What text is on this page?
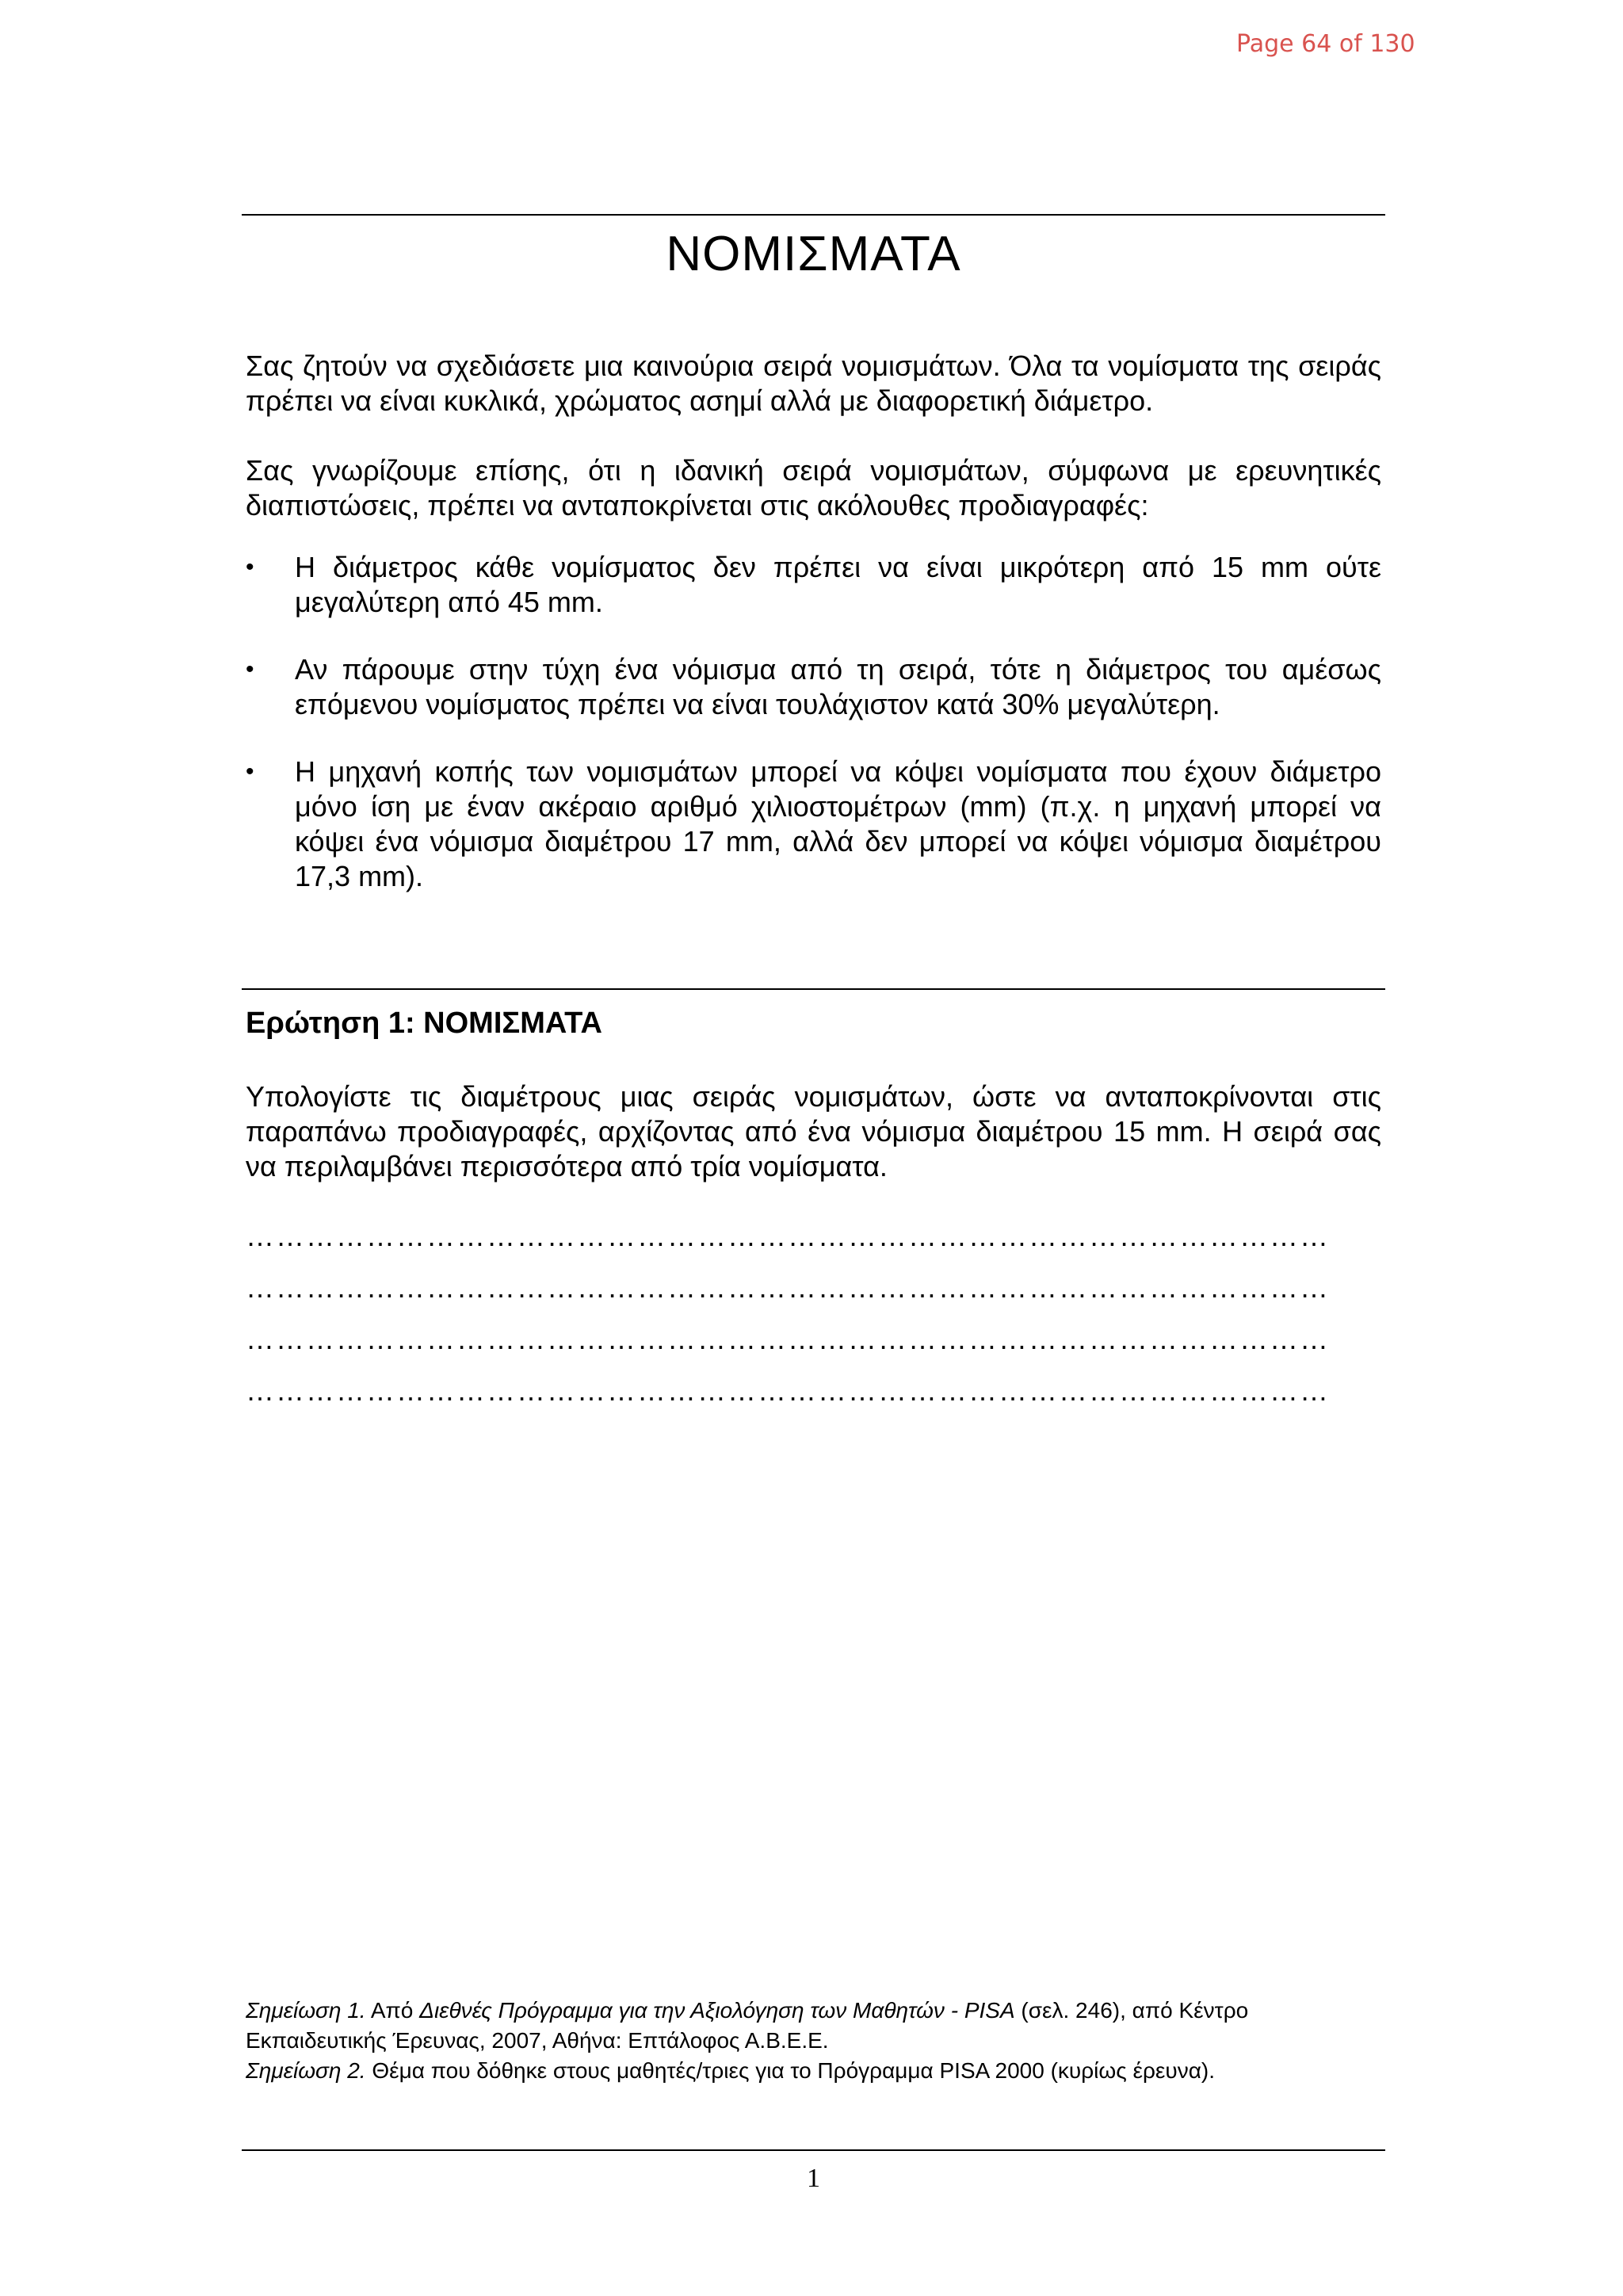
Page 64 of 130
ΝΟΜΙΣΜΑΤΑ

Σας ζητούν να σχεδιάσετε μια καινούρια σειρά νομισμάτων. Όλα τα νομίσματα της σειράς πρέπει να είναι κυκλικά, χρώματος ασημί αλλά με διαφορετική διάμετρο.

Σας γνωρίζουμε επίσης, ότι η ιδανική σειρά νομισμάτων, σύμφωνα με ερευνητικές διαπιστώσεις, πρέπει να ανταποκρίνεται στις ακόλουθες προδιαγραφές:

•	Η διάμετρος κάθε νομίσματος δεν πρέπει να είναι μικρότερη από 15 mm ούτε μεγαλύτερη από 45 mm.
•	Αν πάρουμε στην τύχη ένα νόμισμα από τη σειρά, τότε η διάμετρος του αμέσως επόμενου νομίσματος πρέπει να είναι τουλάχιστον κατά 30% μεγαλύτερη.
•	Η μηχανή κοπής των νομισμάτων μπορεί να κόψει νομίσματα που έχουν διάμετρο μόνο ίση με έναν ακέραιο αριθμό χιλιοστομέτρων (mm) (π.χ. η μηχανή μπορεί να κόψει ένα νόμισμα διαμέτρου 17 mm, αλλά δεν μπορεί να κόψει νόμισμα διαμέτρου 17,3 mm).
Ερώτηση 1: ΝΟΜΙΣΜΑΤΑ

Υπολογίστε τις διαμέτρους μιας σειράς νομισμάτων, ώστε να ανταποκρίνονται στις παραπάνω προδιαγραφές, αρχίζοντας από ένα νόμισμα διαμέτρου 15 mm. Η σειρά σας να περιλαμβάνει περισσότερα από τρία νομίσματα.

………………………………………………………………………………………………
………………………………………………………………………………………………
………………………………………………………………………………………………
………………………………………………………………………………………………

Σημείωση 1. Από Διεθνές Πρόγραμμα για την Αξιολόγηση των Μαθητών - PISA (σελ. 246), από Κέντρο Εκπαιδευτικής Έρευνας, 2007, Αθήνα: Επτάλοφος Α.Β.Ε.Ε.

Σημείωση 2. Θέμα που δόθηκε στους μαθητές/τριες για το Πρόγραμμα PISA 2000 (κυρίως έρευνα).

1
